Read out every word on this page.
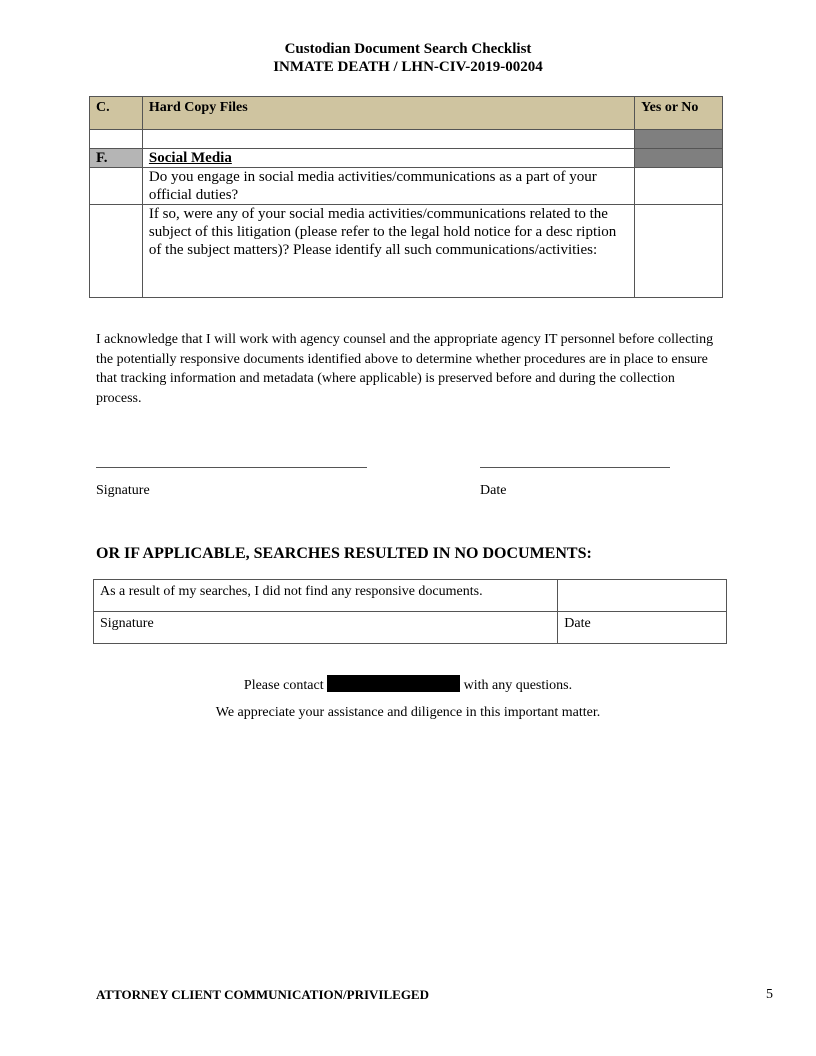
Custodian Document Search Checklist
INMATE DEATH / LHN-CIV-2019-00204
C.	Hard Copy Files	Yes or No

F.	Social Media	
	Do you engage in social media activities/communications as a part of your official duties?	
	If so, were any of your social media activities/communications related to the subject of this litigation (please refer to the legal hold notice for a desc ription of the subject matters)? Please identify all such communications/activities:	
I acknowledge that I will work with agency counsel and the appropriate agency IT personnel before collecting the potentially responsive documents identified above to determine whether procedures are in place to ensure that tracking information and metadata (where applicable) is preserved before and during the collection process.
Signature	Date
OR IF APPLICABLE, SEARCHES RESULTED IN NO DOCUMENTS:
As a result of my searches, I did not find any responsive documents.	
Signature	Date
Please contact	with any questions.
We appreciate your assistance and diligence in this important matter.
ATTORNEY CLIENT COMMUNICATION/PRIVILEGED	5
